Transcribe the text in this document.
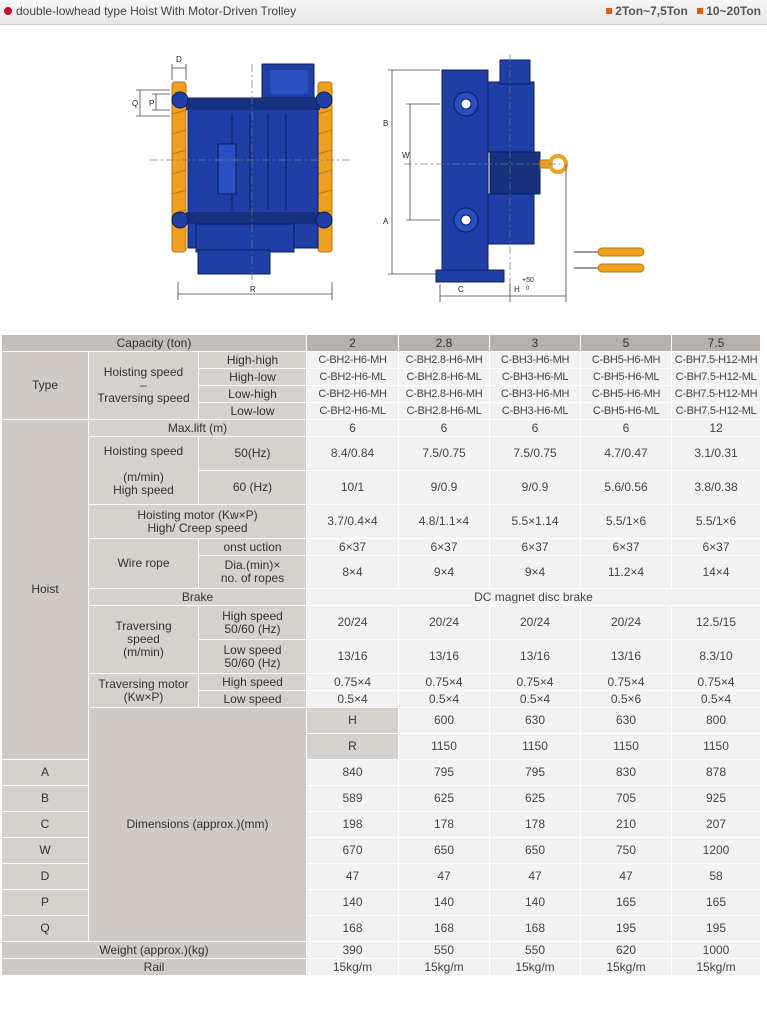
double-lowhead type Hoist With Motor-Driven Trolley	2Ton~7,5Ton 10~20Ton
D
Q P
R
B
W
A
C	H
+50
0
Capacity (ton)			2	2.8	3	5	7.5	
Type	Hoisting speed
–
Traversing speed	High-high	C-BH2-H6-MH	C-BH2.8-H6-MH	C-BH3-H6-MH	C-BH5-H6-MH	C-BH7.5-H12-MH	
		High-low	C-BH2-H6-ML	C-BH2.8-H6-ML	C-BH3-H6-ML	C-BH5-H6-ML	C-BH7.5-H12-ML	
		Low-high	C-BH2-H6-MH	C-BH2.8-H6-MH	C-BH3-H6-MH	C-BH5-H6-MH	C-BH7.5-H12-MH	
		Low-low	C-BH2-H6-ML	C-BH2.8-H6-ML	C-BH3-H6-ML	C-BH5-H6-ML	C-BH7.5-H12-ML	
Hoist	Max.lift (m)		6	6	6	6	12	
	Hoisting speed

(m/min)
High speed	50(Hz)	8.4/0.84	7.5/0.75	7.5/0.75	4.7/0.47	3.1/0.31	
		60 (Hz)	10/1	9/0.9	9/0.9	5.6/0.56	3.8/0.38	
	Hoisting motor (Kw×P)
High/ Creep speed		3.7/0.4×4	4.8/1.1×4	5.5×1.14	5.5/1×6	5.5/1×6	
	Wire rope	onst uction	6×37	6×37	6×37	6×37	6×37	
		Dia.(min)×
no. of ropes	8×4	9×4	9×4	11.2×4	14×4	
	Brake		DC magnet disc brake					
	Traversing
speed
(m/min)	High speed
50/60 (Hz)	20/24	20/24	20/24	20/24	12.5/15	
		Low speed
50/60 (Hz)	13/16	13/16	13/16	13/16	8.3/10	
	Traversing motor
(Kw×P)	High speed	0.75×4	0.75×4	0.75×4	0.75×4	0.75×4	
		Low speed	0.5×4	0.5×4	0.5×4	0.5×6	0.5×4	
	Dimensions (approx.)(mm)		H	600	630	630	800	
			R	1150	1150	1150	1150	
A			840	795	795	830	878	
B			589	625	625	705	925	
C			198	178	178	210	207	
W			670	650	650	750	1200	
D			47	47	47	47	58	
P			140	140	140	165	165	
Q			168	168	168	195	195	
Weight (approx.)(kg)			390	550	550	620	1000	
Rail			15kg/m	15kg/m	15kg/m	15kg/m	15kg/m	
